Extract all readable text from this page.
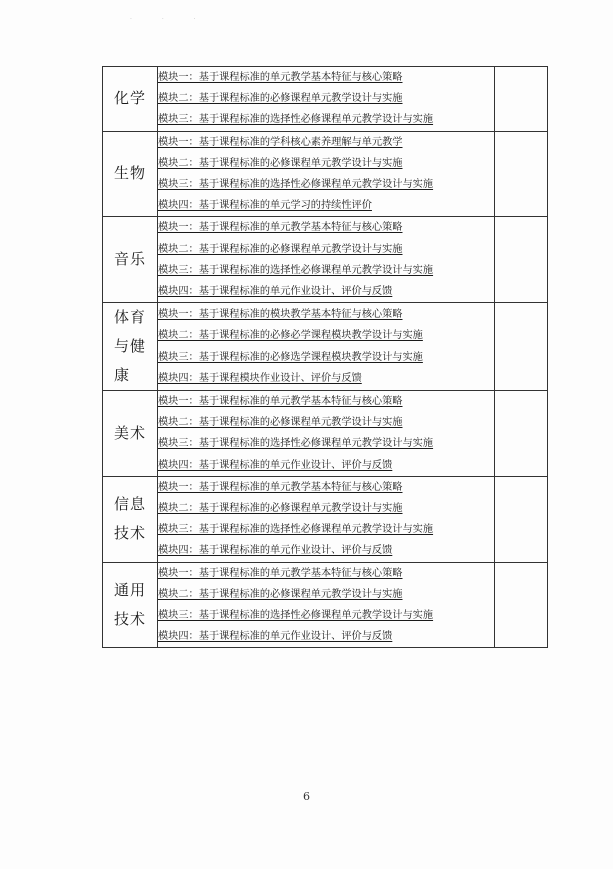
· · ·
化学	模块一：基于课程标准的单元教学基本特征与核心策略
模块二：基于课程标准的必修课程单元教学设计与实施
模块三：基于课程标准的选择性必修课程单元教学设计与实施	

生物	模块一：基于课程标准的学科核心素养理解与单元教学
模块二：基于课程标准的必修课程单元教学设计与实施
模块三：基于课程标准的选择性必修课程单元教学设计与实施
模块四：基于课程标准的单元学习的持续性评价	

音乐	模块一：基于课程标准的单元教学基本特征与核心策略
模块二：基于课程标准的必修课程单元教学设计与实施
模块三：基于课程标准的选择性必修课程单元教学设计与实施
模块四：基于课程标准的单元作业设计、评价与反馈	

体育与健康	模块一：基于课程标准的模块教学基本特征与核心策略
模块二：基于课程标准的必修必学课程模块教学设计与实施
模块三：基于课程标准的必修选学课程模块教学设计与实施
模块四：基于课程模块作业设计、评价与反馈	

美术	模块一：基于课程标准的单元教学基本特征与核心策略
模块二：基于课程标准的必修课程单元教学设计与实施
模块三：基于课程标准的选择性必修课程单元教学设计与实施
模块四：基于课程标准的单元作业设计、评价与反馈	

信息技术	模块一：基于课程标准的单元教学基本特征与核心策略
模块二：基于课程标准的必修课程单元教学设计与实施
模块三：基于课程标准的选择性必修课程单元教学设计与实施
模块四：基于课程标准的单元作业设计、评价与反馈	

通用技术	模块一：基于课程标准的单元教学基本特征与核心策略
模块二：基于课程标准的必修课程单元教学设计与实施
模块三：基于课程标准的选择性必修课程单元教学设计与实施
模块四：基于课程标准的单元作业设计、评价与反馈	

6
